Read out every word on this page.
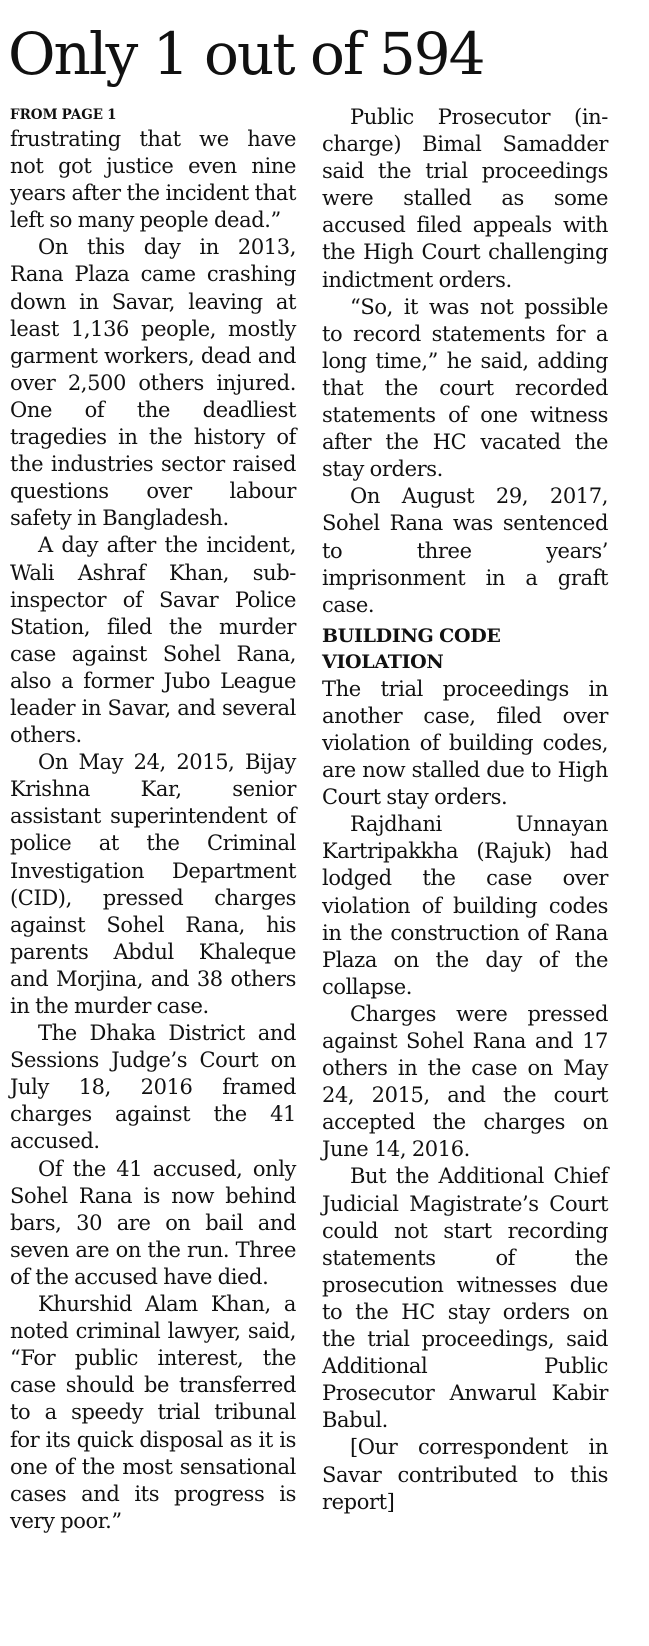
Only 1 out of 594
FROM PAGE 1

frustrating that we have not got justice even nine years after the incident that left so many people dead.”

On this day in 2013, Rana Plaza came crashing down in Savar, leaving at least 1,136 people, mostly garment workers, dead and over 2,500 others injured. One of the deadliest tragedies in the history of the industries sector raised questions over labour safety in Bangladesh.

A day after the incident, Wali Ashraf Khan, sub-inspector of Savar Police Station, filed the murder case against Sohel Rana, also a former Jubo League leader in Savar, and several others.

On May 24, 2015, Bijay Krishna Kar, senior assistant superintendent of police at the Criminal Investigation Department (CID), pressed charges against Sohel Rana, his parents Abdul Khaleque and Morjina, and 38 others in the murder case.

The Dhaka District and Sessions Judge’s Court on July 18, 2016 framed charges against the 41 accused.

Of the 41 accused, only Sohel Rana is now behind bars, 30 are on bail and seven are on the run. Three of the accused have died.

Khurshid Alam Khan, a noted criminal lawyer, said, “For public interest, the case should be transferred to a speedy trial tribunal for its quick disposal as it is one of the most sensational cases and its progress is very poor.”

Public Prosecutor (in-charge) Bimal Samadder said the trial proceedings were stalled as some accused filed appeals with the High Court challenging indictment orders.

“So, it was not possible to record statements for a long time,” he said, adding that the court recorded statements of one witness after the HC vacated the stay orders.

On August 29, 2017, Sohel Rana was sentenced to three years’ imprisonment in a graft case.

BUILDING CODE VIOLATION

The trial proceedings in another case, filed over violation of building codes, are now stalled due to High Court stay orders.

Rajdhani Unnayan Kartripakkha (Rajuk) had lodged the case over violation of building codes in the construction of Rana Plaza on the day of the collapse.

Charges were pressed against Sohel Rana and 17 others in the case on May 24, 2015, and the court accepted the charges on June 14, 2016.

But the Additional Chief Judicial Magistrate’s Court could not start recording statements of the prosecution witnesses due to the HC stay orders on the trial proceedings, said Additional Public Prosecutor Anwarul Kabir Babul.

[Our correspondent in Savar contributed to this report]
